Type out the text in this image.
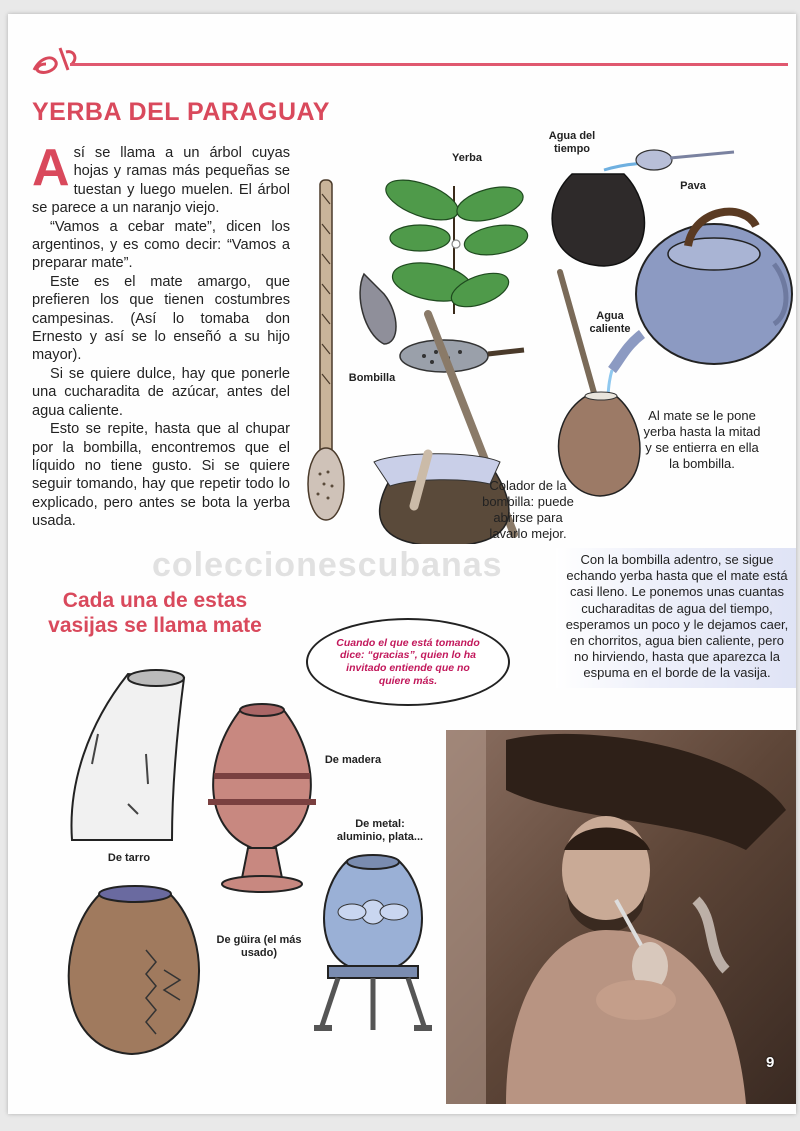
YERBA DEL PARAGUAY

Así se llama a un árbol cuyas hojas y ramas más pequeñas se tuestan y luego muelen. El árbol se parece a un naranjo viejo.

“Vamos a cebar mate”, dicen los argentinos, y es como decir: “Vamos a preparar mate”.

Este es el mate amargo, que prefieren los que tienen costumbres campesinas. (Así lo tomaba don Ernesto y así se lo enseñó a su hijo mayor).

Si se quiere dulce, hay que ponerle una cucharadita de azúcar, antes del agua caliente.

Esto se repite, hasta que al chupar por la bombilla, encontremos que el líquido no tiene gusto. Si se quiere seguir tomando, hay que repetir todo lo explicado, pero antes se bota la yerba usada.

Yerba
Bombilla
Agua del tiempo
Pava
Agua caliente
Al mate se le pone yerba hasta la mitad y se entierra en ella la bombilla.
Colador de la bombilla: puede abrirse para lavarlo mejor.
Con la bombilla adentro, se sigue echando yerba hasta que el mate está casi lleno. Le ponemos unas cuantas cucharaditas de agua del tiempo, esperamos un poco y le dejamos caer, en chorritos, agua bien caliente, pero no hirviendo, hasta que aparezca la espuma en el borde de la vasija.
coleccionescubanas
Cada una de estas vasijas se llama mate
Cuando el que está tomando dice: “gracias”, quien lo ha invitado entiende que no quiere más.
De tarro
De madera
De metal: aluminio, plata...
De güira (el más usado)
9
